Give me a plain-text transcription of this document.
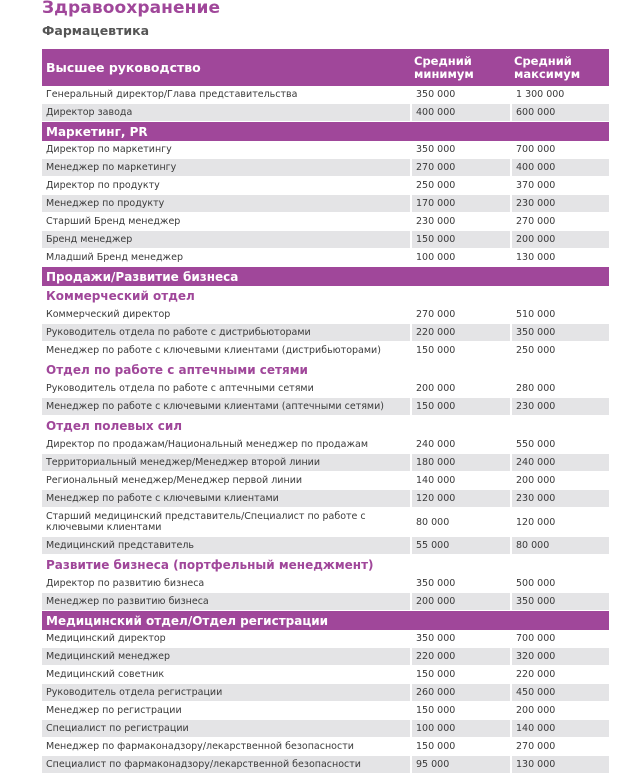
Здравоохранение
Фармацевтика
Высшее руководство	Средний минимум	Средний максимум
Генеральный директор/Глава представительства	350 000	1 300 000
Директор завода	400 000	600 000
Маркетинг, PR		
Директор по маркетингу	350 000	700 000
Менеджер по маркетингу	270 000	400 000
Директор по продукту	250 000	370 000
Менеджер по продукту	170 000	230 000
Старший Бренд менеджер	230 000	270 000
Бренд менеджер	150 000	200 000
Младший Бренд менеджер	100 000	130 000
Продажи/Развитие бизнеса		
Коммерческий отдел		
Коммерческий директор	270 000	510 000
Руководитель отдела по работе с дистрибьюторами	220 000	350 000
Менеджер по работе с ключевыми клиентами (дистрибьюторами)	150 000	250 000
Отдел по работе с аптечными сетями		
Руководитель отдела по работе с аптечными сетями	200 000	280 000
Менеджер по работе с ключевыми клиентами (аптечными сетями)	150 000	230 000
Отдел полевых сил		
Директор по продажам/Национальный менеджер по продажам	240 000	550 000
Территориальный менеджер/Менеджер второй линии	180 000	240 000
Региональный менеджер/Менеджер первой линии	140 000	200 000
Менеджер по работе с ключевыми клиентами	120 000	230 000
Старший медицинский представитель/Специалист по работе с ключевыми клиентами	80 000	120 000
Медицинский представитель	55 000	80 000
Развитие бизнеса (портфельный менеджмент)		
Директор по развитию бизнеса	350 000	500 000
Менеджер по развитию бизнеса	200 000	350 000
Медицинский отдел/Отдел регистрации		
Медицинский директор	350 000	700 000
Медицинский менеджер	220 000	320 000
Медицинский советник	150 000	220 000
Руководитель отдела регистрации	260 000	450 000
Менеджер по регистрации	150 000	200 000
Специалист по регистрации	100 000	140 000
Менеджер по фармаконадзору/лекарственной безопасности	150 000	270 000
Специалист по фармаконадзору/лекарственной безопасности	95 000	130 000
